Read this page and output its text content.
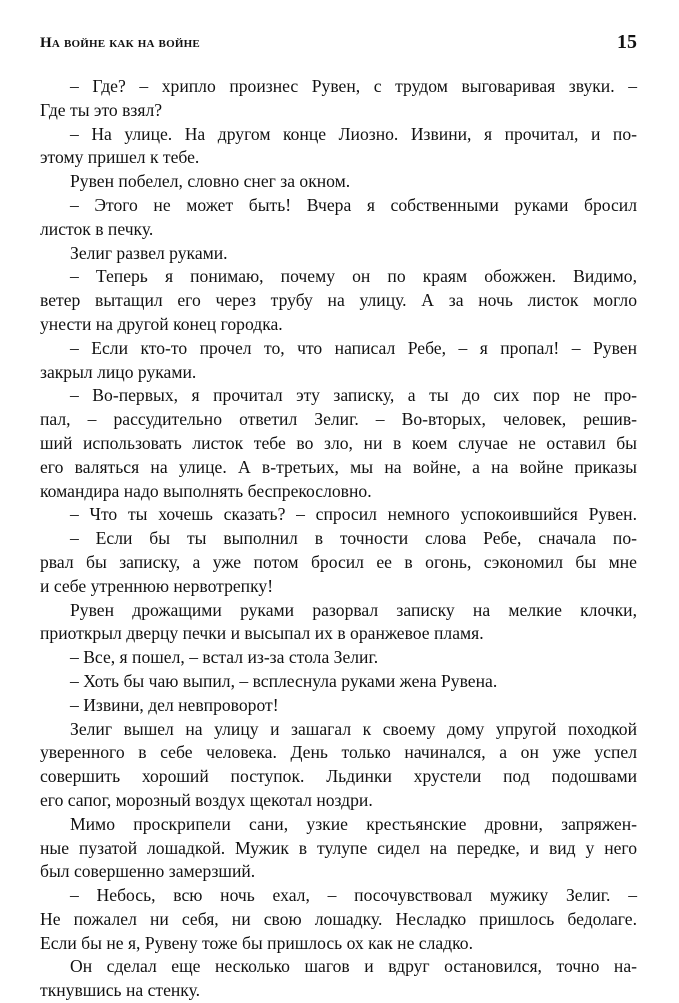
На войне как на войне	15
– Где? – хрипло произнес Рувен, с трудом выговаривая звуки. –
Где ты это взял?
– На улице. На другом конце Лиозно. Извини, я прочитал, и по-
этому пришел к тебе.
Рувен побелел, словно снег за окном.
– Этого не может быть! Вчера я собственными руками бросил
листок в печку.
Зелиг развел руками.
– Теперь я понимаю, почему он по краям обожжен. Видимо,
ветер вытащил его через трубу на улицу. А за ночь листок могло
унести на другой конец городка.
– Если кто-то прочел то, что написал Ребе, – я пропал! – Рувен
закрыл лицо руками.
– Во-первых, я прочитал эту записку, а ты до сих пор не про-
пал, – рассудительно ответил Зелиг. – Во-вторых, человек, решив-
ший использовать листок тебе во зло, ни в коем случае не оставил бы
его валяться на улице. А в-третьих, мы на войне, а на войне приказы
командира надо выполнять беспрекословно.
– Что ты хочешь сказать? – спросил немного успокоившийся Рувен.
– Если бы ты выполнил в точности слова Ребе, сначала по-
рвал бы записку, а уже потом бросил ее в огонь, сэкономил бы мне
и себе утреннюю нервотрепку!
Рувен дрожащими руками разорвал записку на мелкие клочки,
приоткрыл дверцу печки и высыпал их в оранжевое пламя.
– Все, я пошел, – встал из-за стола Зелиг.
– Хоть бы чаю выпил, – всплеснула руками жена Рувена.
– Извини, дел невпроворот!
Зелиг вышел на улицу и зашагал к своему дому упругой походкой
уверенного в себе человека. День только начинался, а он уже успел
совершить хороший поступок. Льдинки хрустели под подошвами
его сапог, морозный воздух щекотал ноздри.
Мимо проскрипели сани, узкие крестьянские дровни, запряжен-
ные пузатой лошадкой. Мужик в тулупе сидел на передке, и вид у него
был совершенно замерзший.
– Небось, всю ночь ехал, – посочувствовал мужику Зелиг. –
Не пожалел ни себя, ни свою лошадку. Несладко пришлось бедолаге.
Если бы не я, Рувену тоже бы пришлось ох как не сладко.
Он сделал еще несколько шагов и вдруг остановился, точно на-
ткнувшись на стенку.
